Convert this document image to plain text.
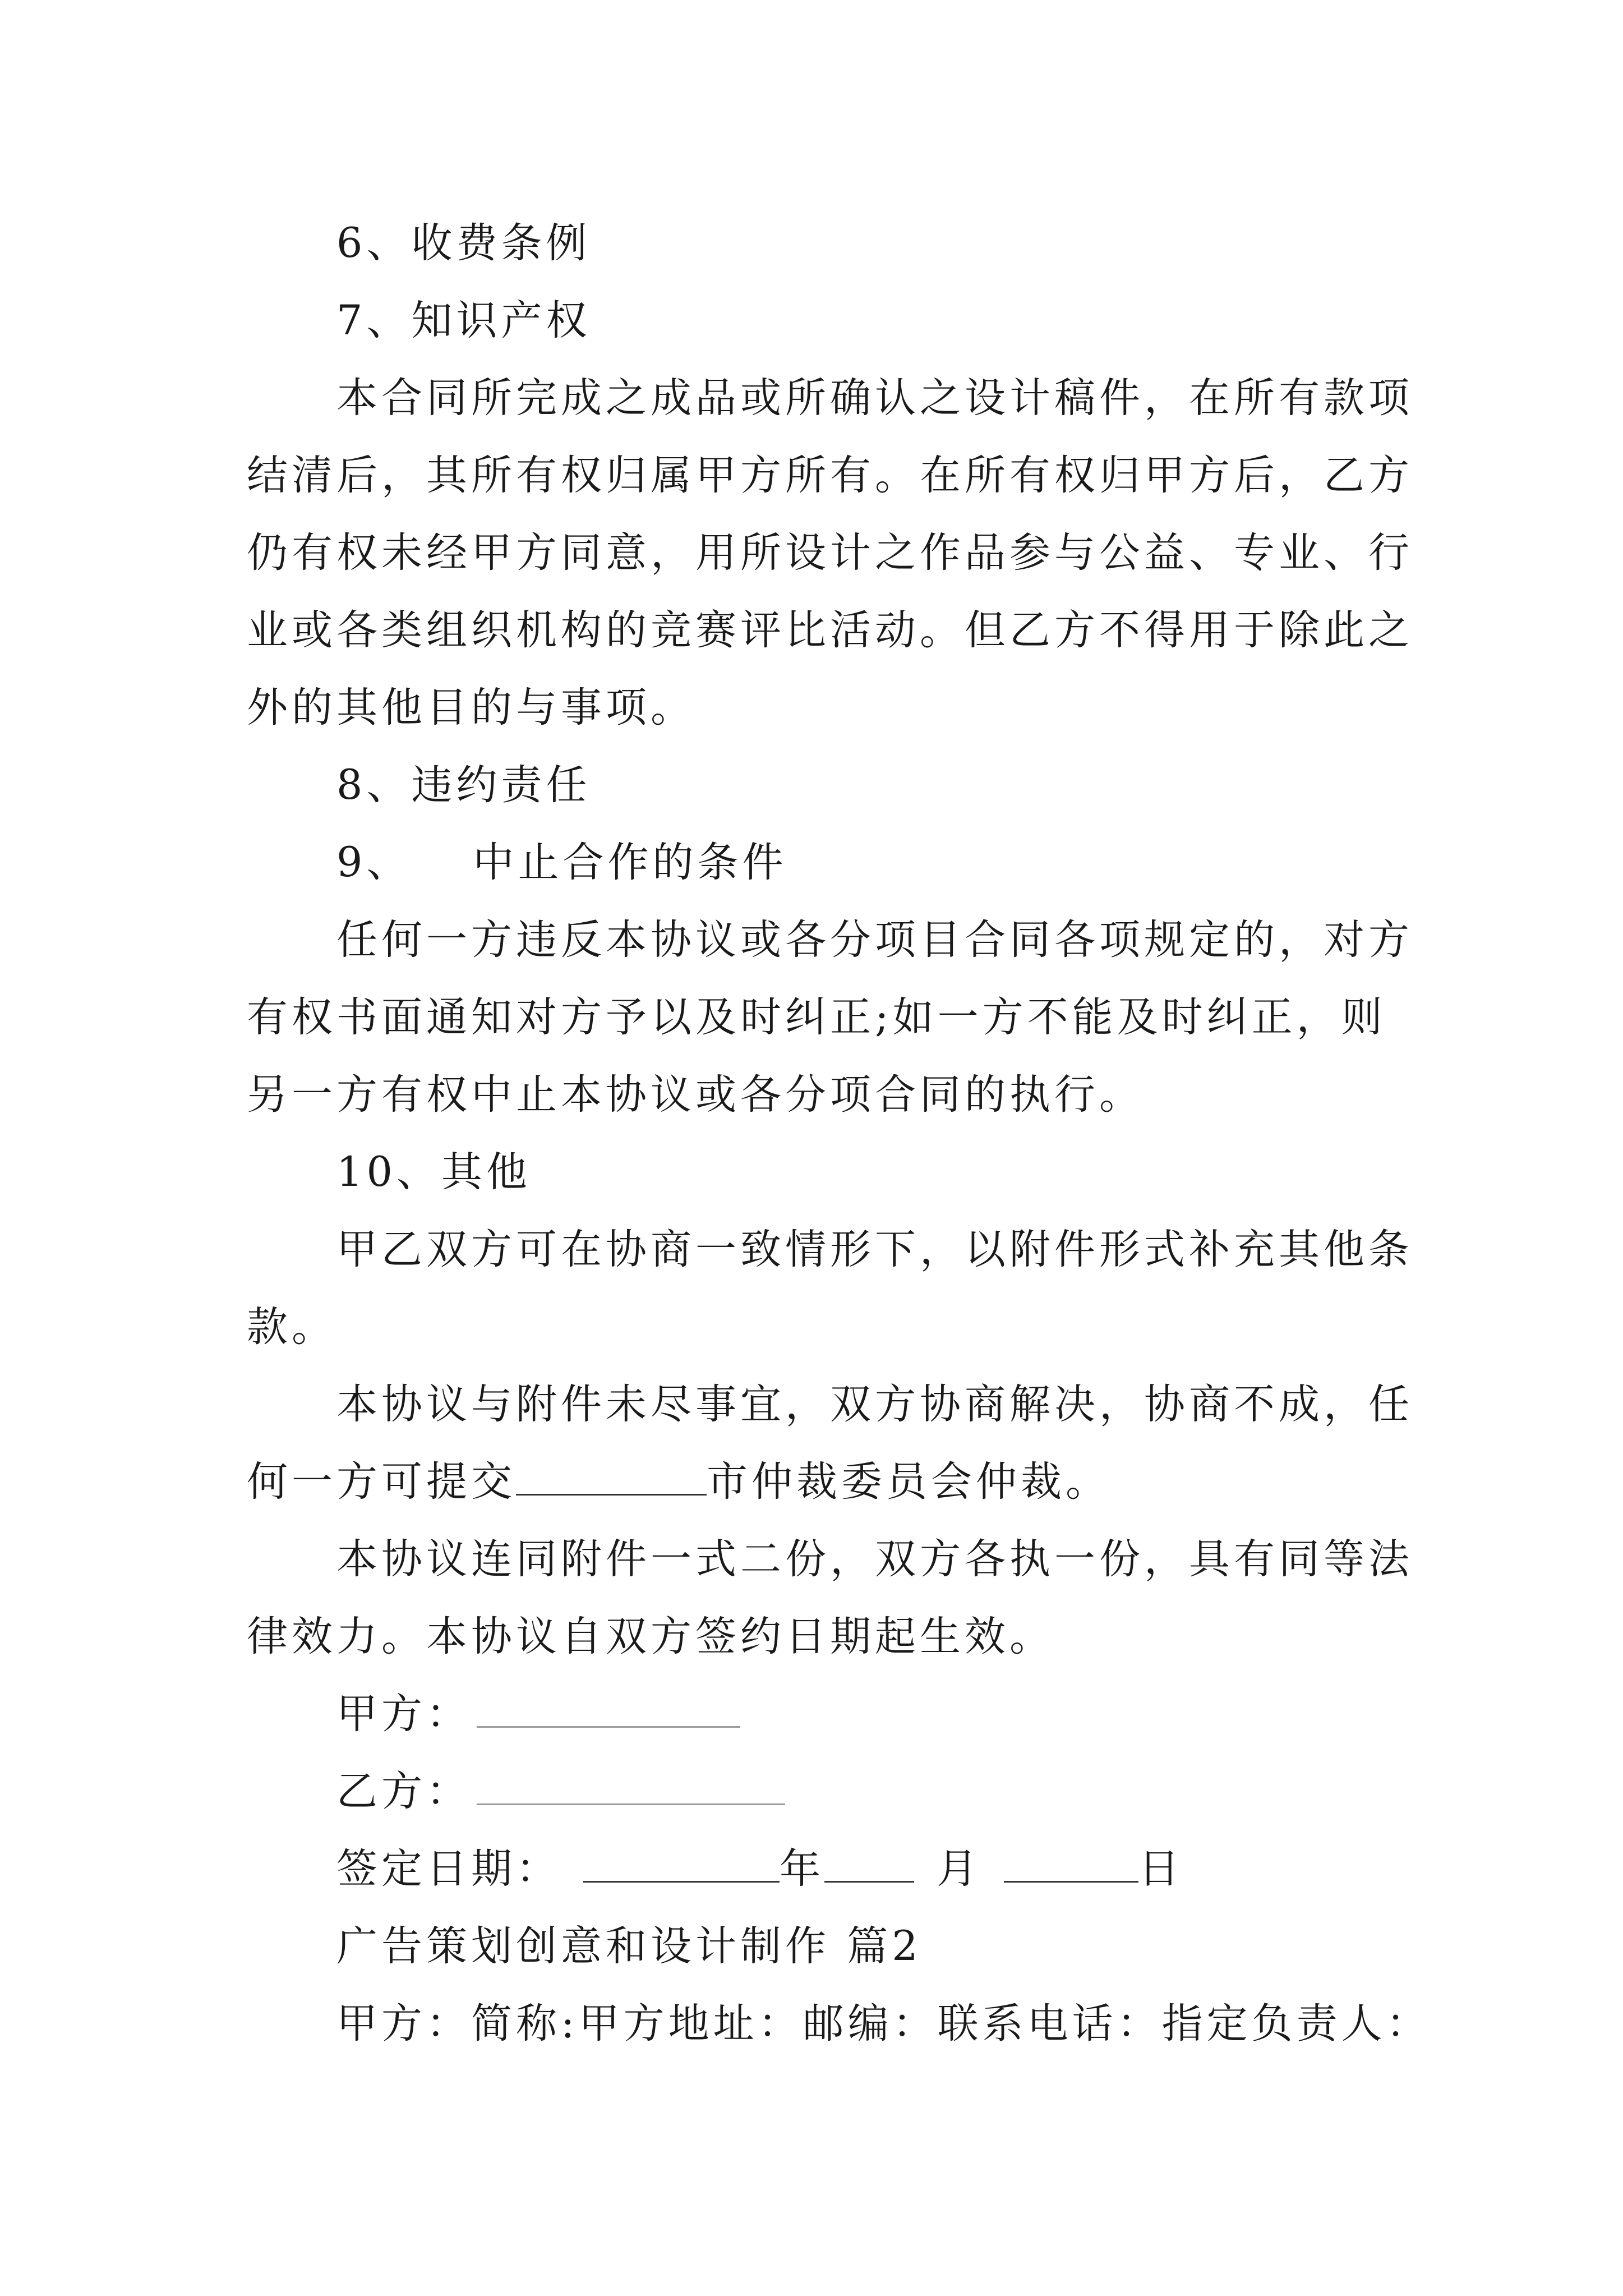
6、收费条例
7、知识产权
本合同所完成之成品或所确认之设计稿件，在所有款项
结清后，其所有权归属甲方所有。在所有权归甲方后，乙方
仍有权未经甲方同意，用所设计之作品参与公益、专业、行
业或各类组织机构的竞赛评比活动。但乙方不得用于除此之
外的其他目的与事项。
8、违约责任
9、 中止合作的条件
任何一方违反本协议或各分项目合同各项规定的，对方
有权书面通知对方予以及时纠正;如一方不能及时纠正，则
另一方有权中止本协议或各分项合同的执行。
10、其他
甲乙双方可在协商一致情形下，以附件形式补充其他条
款。
本协议与附件未尽事宜，双方协商解决，协商不成，任
何一方可提交	市仲裁委员会仲裁。
本协议连同附件一式二份，双方各执一份，具有同等法
律效力。本协议自双方签约日期起生效。
甲方：
乙方：
签定日期：	年	月	日
广告策划创意和设计制作 篇2
甲方：简称:甲方地址：邮编：联系电话：指定负责人：
